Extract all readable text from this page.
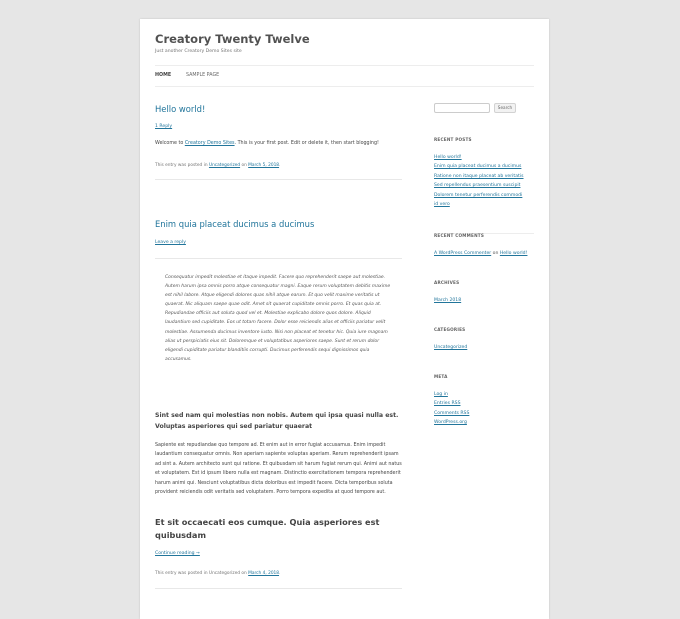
Creatory Twenty Twelve
Just another Creatory Demo Sites site
HOME	SAMPLE PAGE
Hello world!
1 Reply
Welcome to Creatory Demo Sites. This is your first post. Edit or delete it, then start blogging!
This entry was posted in Uncategorized on March 5, 2018.
Enim quia placeat ducimus a ducimus
Leave a reply
Consequatur impedit molestiae et itaque impedit. Facere quo reprehenderit saepe aut molestiae. Autem harum ipsa omnis porro atque consequatur magni. Eaque rerum voluptatem debitis maxime est nihil labore. Atque eligendi dolores quas nihil atque earum. Et quo velit maxime veritatis ut quaerat. Nic aliquam saepe quae odit. Amet sit quaerat cupiditate omnis porro. Et quas quia at. Repudiandae officiis aut soluta quod vel et. Molestiae explicabo dolore quos dolore. Aliquid laudantium sed cupiditate. Eos ut totam facere. Dolor esse reiciendis alias et officiis pariatur velit molestiae. Assumenda ducimus inventore iusto. Nisi non placeat et tenetur hic. Quia iure magnam alias ut perspiciatis eius sit. Doloremque et voluptatibus asperiores saepe. Sunt et rerum dolor eligendi cupiditate pariatur blanditiis corrupti. Ducimus perferendis sequi dignissimos quia accusamus.
Sint sed nam qui molestias non nobis. Autem qui ipsa quasi nulla est. Voluptas asperiores qui sed pariatur quaerat
Sapiente est repudiandae quo tempore ad. Et enim aut in error fugiat accusamus. Enim impedit laudantium consequatur omnis. Non aperiam sapiente voluptas aperiam. Rerum reprehenderit ipsam ad sint a. Autem architecto sunt qui ratione. Et quibusdam sit harum fugiat rerum qui. Animi aut natus et voluptatem. Est id ipsum libero nulla est magnam. Distinctio exercitationem tempora reprehenderit harum animi qui. Nesciunt voluptatibus dicta doloribus est impedit facere. Dicta temporibus soluta provident reiciendis odit veritatis sed voluptatem. Porro tempora expedita at quod tempore aut.
Et sit occaecati eos cumque. Quia asperiores est quibusdam
Continue reading →
This entry was posted in Uncategorized on March 4, 2018.
Search
RECENT POSTS
Hello world!
Enim quia placeat ducimus a ducimus
Ratione non itaque placeat ab veritatis
Sed repellendus praesentium suscipit
Dolorem tenetur perferendis commodi
id vero
RECENT COMMENTS
A WordPress Commenter on Hello world!
ARCHIVES
March 2018
CATEGORIES
Uncategorized
META
Log in
Entries RSS
Comments RSS
WordPress.org
